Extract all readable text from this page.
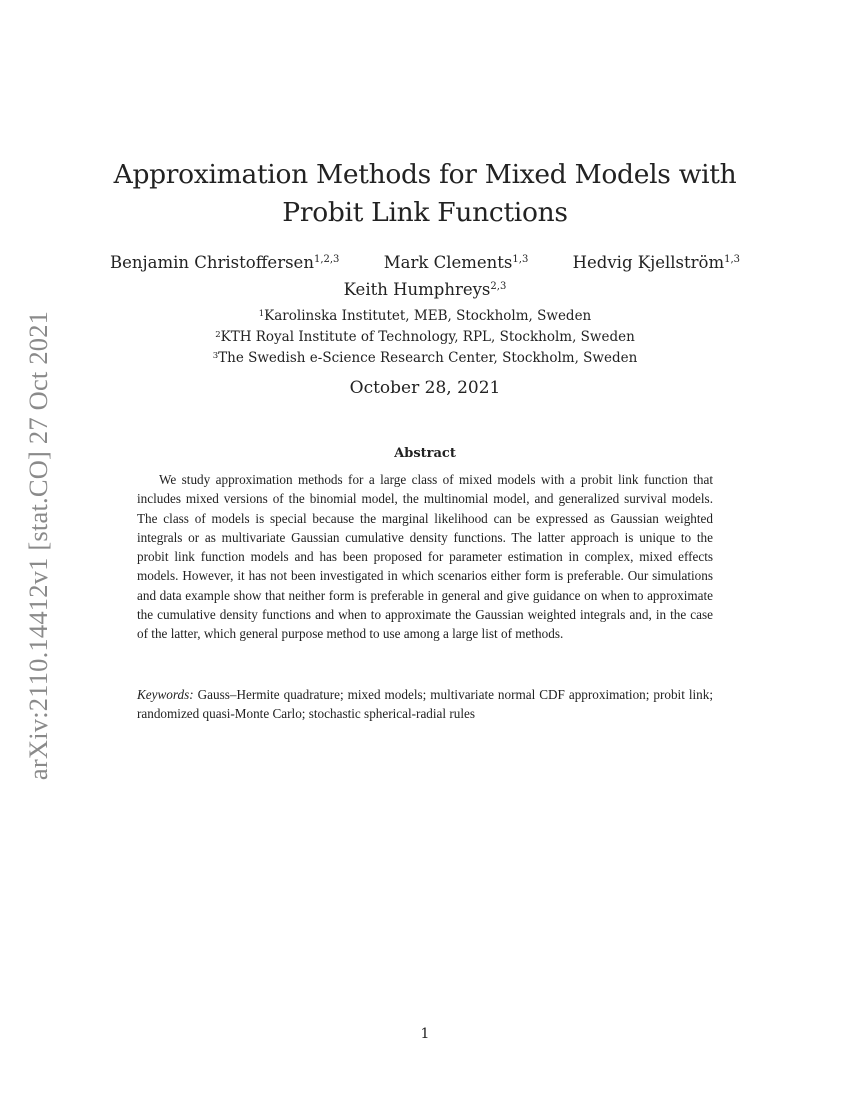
arXiv:2110.14412v1 [stat.CO] 27 Oct 2021
Approximation Methods for Mixed Models with Probit Link Functions
Benjamin Christoffersen$^{1,2,3}$	Mark Clements$^{1,3}$	Hedvig Kjellström$^{1,3}$
Keith Humphreys$^{2,3}$
$^1$Karolinska Institutet, MEB, Stockholm, Sweden
$^2$KTH Royal Institute of Technology, RPL, Stockholm, Sweden
$^3$The Swedish e-Science Research Center, Stockholm, Sweden
October 28, 2021
Abstract

We study approximation methods for a large class of mixed models with a probit link function that includes mixed versions of the binomial model, the multinomial model, and generalized survival models. The class of models is special because the marginal likelihood can be expressed as Gaussian weighted integrals or as multivariate Gaussian cumulative density functions. The latter approach is unique to the probit link function models and has been proposed for parameter estimation in complex, mixed effects models. However, it has not been investigated in which scenarios either form is preferable. Our simulations and data example show that neither form is preferable in general and give guidance on when to approximate the cumulative density functions and when to approximate the Gaussian weighted integrals and, in the case of the latter, which general purpose method to use among a large list of methods.

Keywords: Gauss–Hermite quadrature; mixed models; multivariate normal CDF approximation; probit link; randomized quasi-Monte Carlo; stochastic spherical-radial rules

1
